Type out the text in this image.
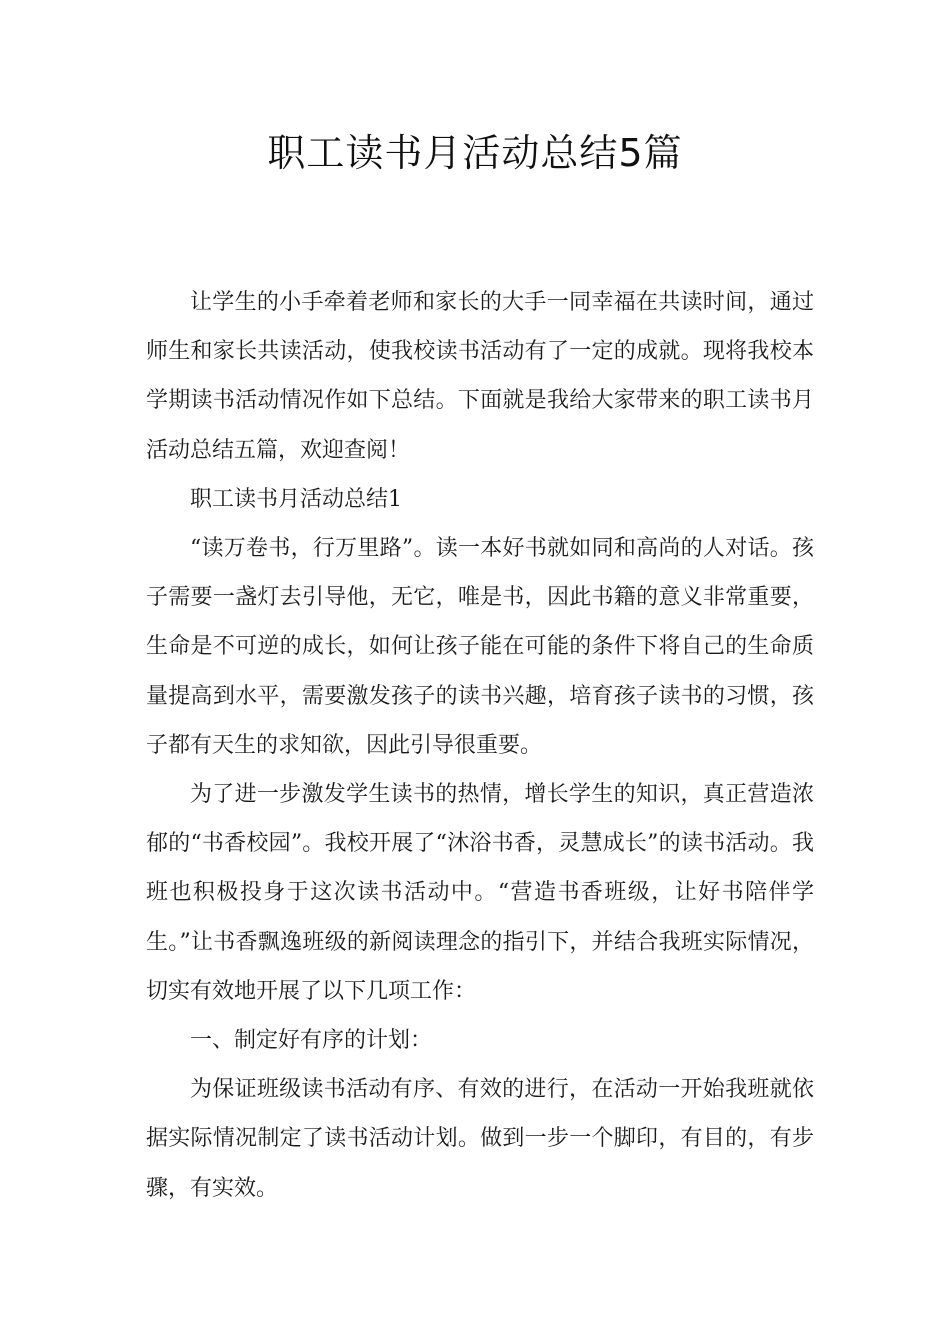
职工读书月活动总结5篇

让学生的小手牵着老师和家长的大手一同幸福在共读时间，通过师生和家长共读活动，使我校读书活动有了一定的成就。现将我校本学期读书活动情况作如下总结。下面就是我给大家带来的职工读书月活动总结五篇，欢迎查阅！

职工读书月活动总结1

“读万卷书，行万里路”。读一本好书就如同和高尚的人对话。孩子需要一盏灯去引导他，无它，唯是书，因此书籍的意义非常重要，生命是不可逆的成长，如何让孩子能在可能的条件下将自己的生命质量提高到水平，需要激发孩子的读书兴趣，培育孩子读书的习惯，孩子都有天生的求知欲，因此引导很重要。

为了进一步激发学生读书的热情，增长学生的知识，真正营造浓郁的“书香校园”。我校开展了“沐浴书香，灵慧成长”的读书活动。我班也积极投身于这次读书活动中。“营造书香班级，让好书陪伴学生。”让书香飘逸班级的新阅读理念的指引下，并结合我班实际情况，切实有效地开展了以下几项工作：

一、制定好有序的计划：

为保证班级读书活动有序、有效的进行，在活动一开始我班就依据实际情况制定了读书活动计划。做到一步一个脚印，有目的，有步骤，有实效。
